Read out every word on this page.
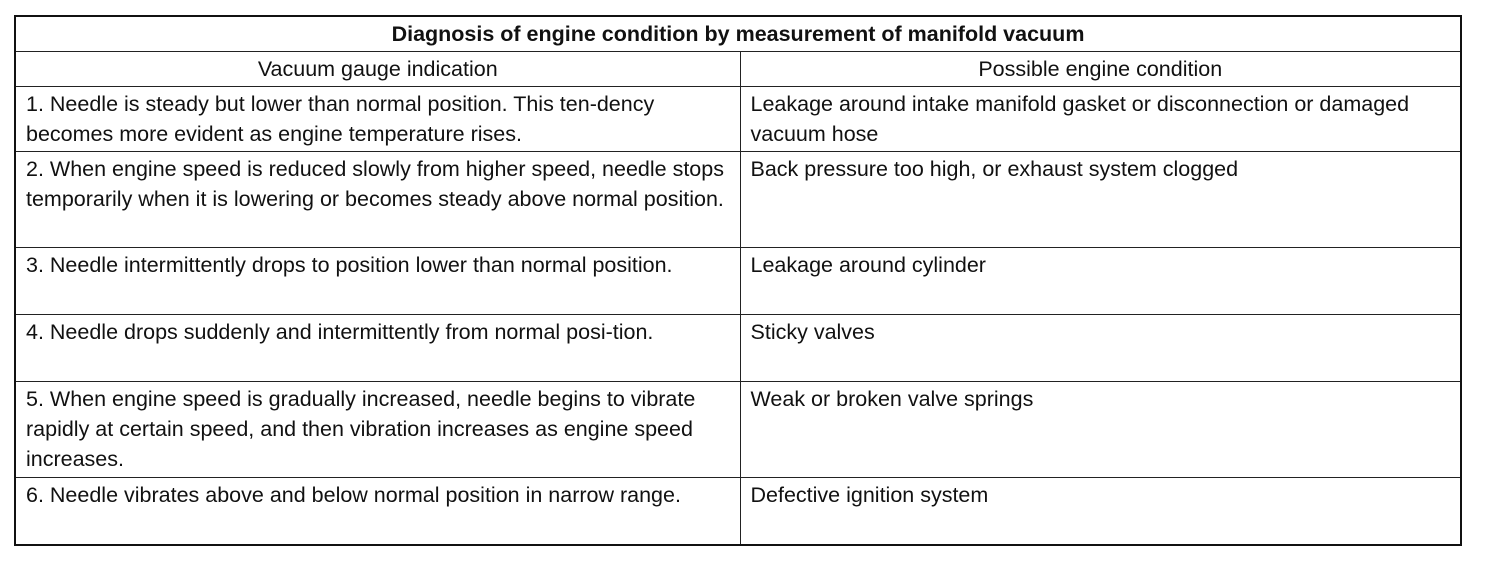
Diagnosis of engine condition by measurement of manifold vacuum	
Vacuum gauge indication	Possible engine condition
1. Needle is steady but lower than normal position. This ten-dency becomes more evident as engine temperature rises.	Leakage around intake manifold gasket or disconnection or damaged vacuum hose
2. When engine speed is reduced slowly from higher speed, needle stops temporarily when it is lowering or becomes steady above normal position.	Back pressure too high, or exhaust system clogged
3. Needle intermittently drops to position lower than normal position.	Leakage around cylinder
4. Needle drops suddenly and intermittently from normal posi-tion.	Sticky valves
5. When engine speed is gradually increased, needle begins to vibrate rapidly at certain speed, and then vibration increases as engine speed increases.	Weak or broken valve springs
6. Needle vibrates above and below normal position in narrow range.	Defective ignition system
